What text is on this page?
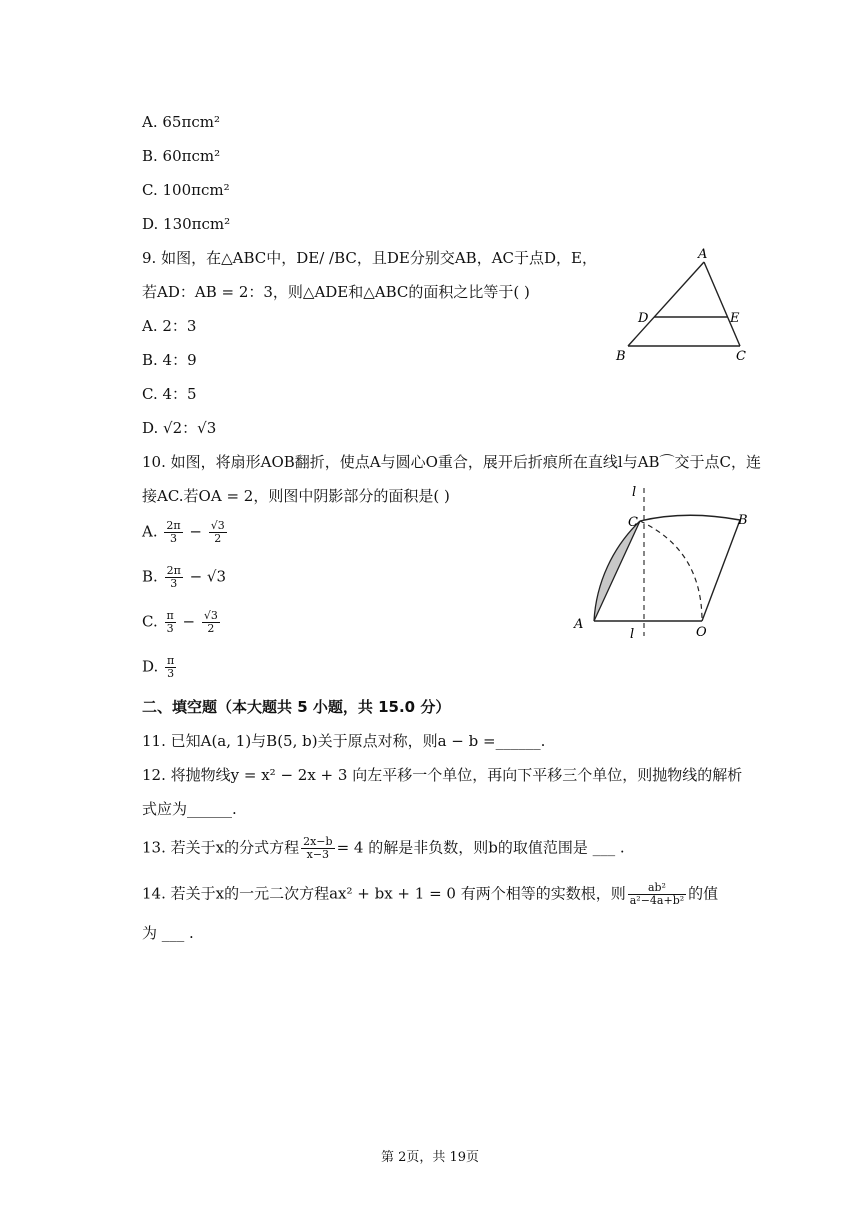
A. 65πcm²
B. 60πcm²
C. 100πcm²
D. 130πcm²
9. 如图，在△ABC中，DE/ /BC，且DE分别交AB，AC于点D，E，
若AD：AB = 2：3，则△ADE和△ABC的面积之比等于( )
A. 2：3
B. 4：9
C. 4：5
D. √2：√3
A
B	C
D	E
10. 如图，将扇形AOB翻折，使点A与圆心O重合，展开后折痕所在直线l与AB⌒交于点C，连
接AC.若OA = 2，则图中阴影部分的面积是( )
A. $\frac{2\pi}{3} - \frac{√3}{2}$
B. $\frac{2\pi}{3} - √3$
C. $\frac{\pi}{3} - \frac{√3}{2}$
D. $\frac{\pi}{3}$
l
l
A
B
C
O
二、填空题（本大题共 5 小题，共 15.0 分）
11. 已知A(a, 1)与B(5, b)关于原点对称，则a − b =______.
12. 将抛物线y = x² − 2x + 3 向左平移一个单位，再向下平移三个单位，则抛物线的解析
式应为______.
13. 若关于x的分式方程 $\frac{2x-b}{x-3} = 4$ 的解是非负数，则b的取值范围是 ___ .
14. 若关于x的一元二次方程ax² + bx + 1 = 0 有两个相等的实数根，则 $\frac{\text{ab²}}{\text{a²−4a+b²}}$ 的值
为 ___ .
第 2页，共 19页
